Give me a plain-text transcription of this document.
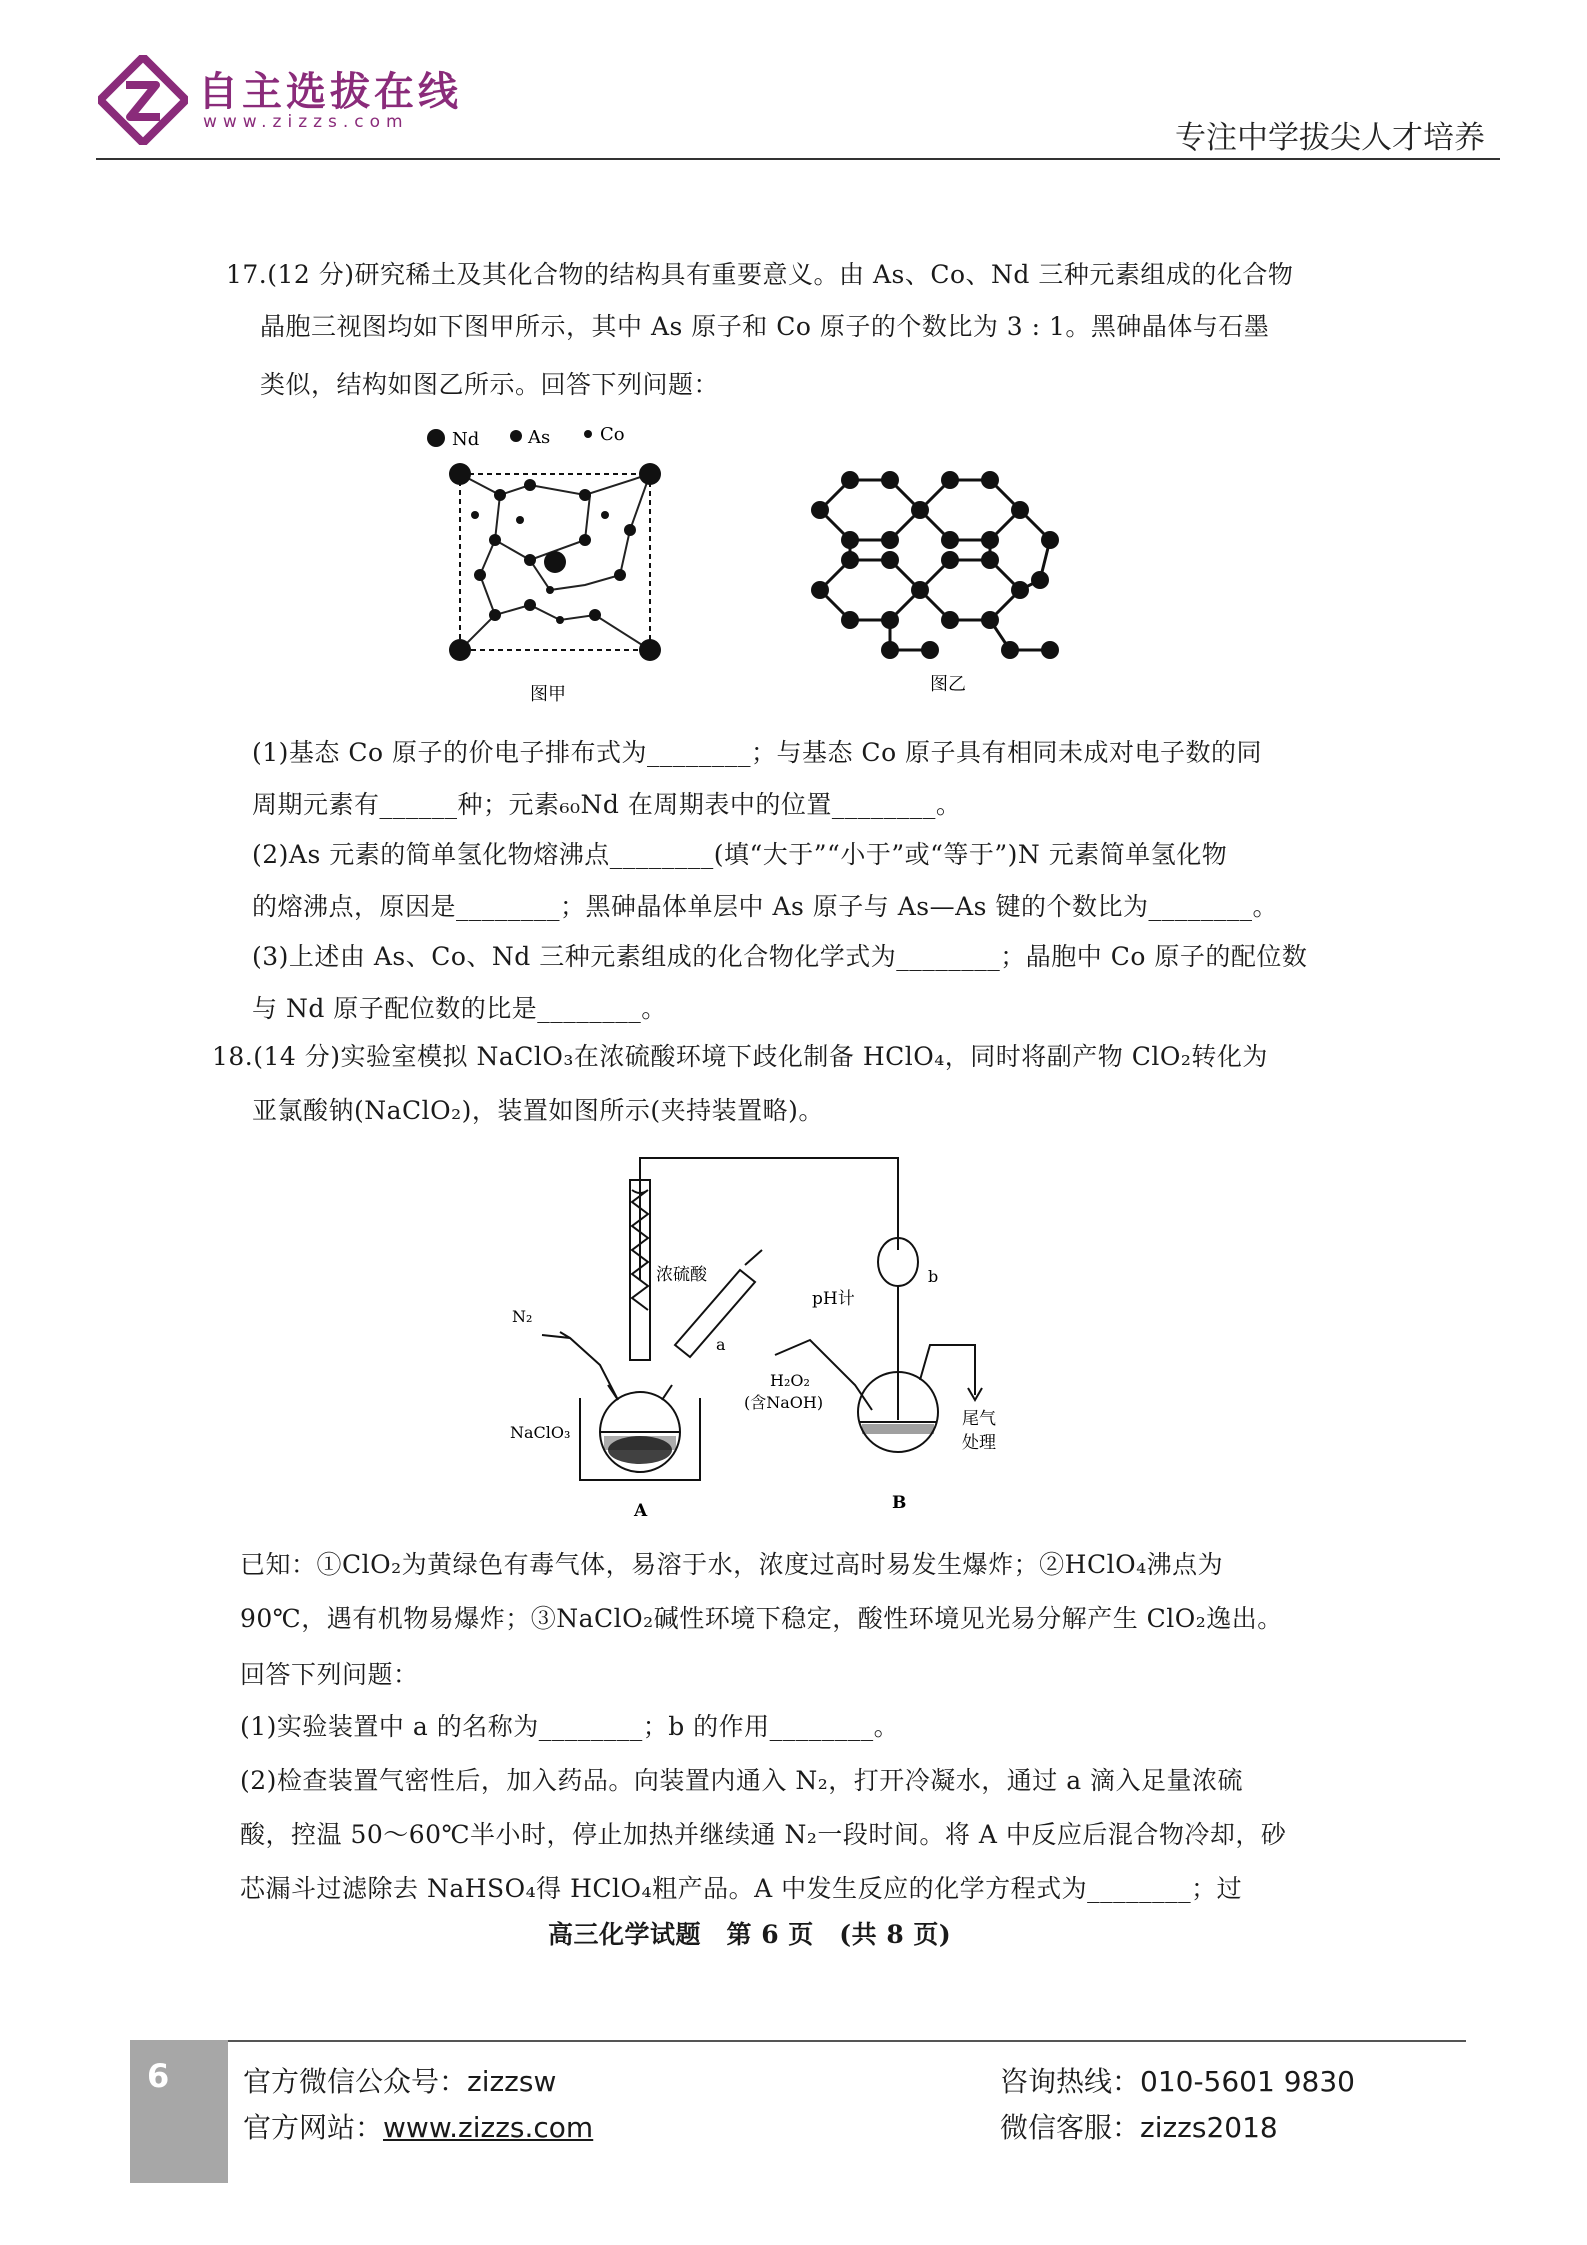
自主选拔在线
www.zizzs.com	专注中学拔尖人才培养
17.(12 分)研究稀土及其化合物的结构具有重要意义。由 As、Co、Nd 三种元素组成的化合物
晶胞三视图均如下图甲所示，其中 As 原子和 Co 原子的个数比为 3 : 1。黑砷晶体与石墨
类似，结构如图乙所示。回答下列问题：
Nd	As	Co
图甲	图乙
(1)基态 Co 原子的价电子排布式为________；与基态 Co 原子具有相同未成对电子数的同
周期元素有______种；元素₆₀Nd 在周期表中的位置________。
(2)As 元素的简单氢化物熔沸点________(填“大于”“小于”或“等于”)N 元素简单氢化物
的熔沸点，原因是________；黑砷晶体单层中 As 原子与 As—As 键的个数比为________。
(3)上述由 As、Co、Nd 三种元素组成的化合物化学式为________；晶胞中 Co 原子的配位数
与 Nd 原子配位数的比是________。
18.(14 分)实验室模拟 NaClO₃在浓硫酸环境下歧化制备 HClO₄，同时将副产物 ClO₂转化为
亚氯酸钠(NaClO₂)，装置如图所示(夹持装置略)。
N₂
浓硫酸
a
NaClO₃
pH计
b
H₂O₂
(含NaOH)
尾气
处理
A	B
已知：①ClO₂为黄绿色有毒气体，易溶于水，浓度过高时易发生爆炸；②HClO₄沸点为
90℃，遇有机物易爆炸；③NaClO₂碱性环境下稳定，酸性环境见光易分解产生 ClO₂逸出。
回答下列问题：
(1)实验装置中 a 的名称为________；b 的作用________。
(2)检查装置气密性后，加入药品。向装置内通入 N₂，打开冷凝水，通过 a 滴入足量浓硫
酸，控温 50～60℃半小时，停止加热并继续通 N₂一段时间。将 A 中反应后混合物冷却，砂
芯漏斗过滤除去 NaHSO₄得 HClO₄粗产品。A 中发生反应的化学方程式为________；过
高三化学试题　第 6 页　(共 8 页)
6	官方微信公众号：zizzsw
官方网站：www.zizzs.com
咨询热线：010-5601 9830
微信客服：zizzs2018
